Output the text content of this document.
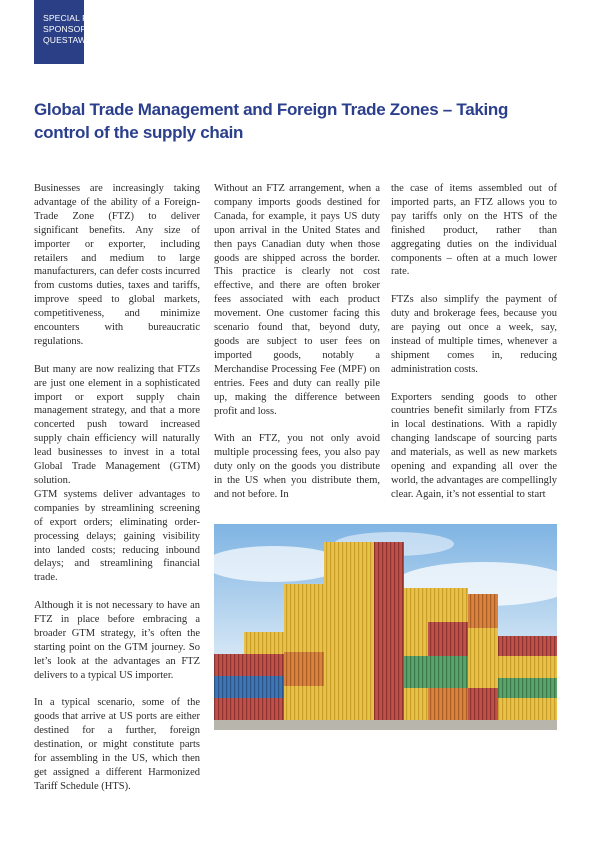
SPECIAL REPORT
SPONSORED BY
QUESTAWEB
Global Trade Management and Foreign Trade Zones – Taking control of the supply chain

Businesses are increasingly taking advantage of the ability of a Foreign-Trade Zone (FTZ) to deliver significant benefits. Any size of importer or exporter, including retailers and medium to large manufacturers, can defer costs incurred from customs duties, taxes and tariffs, improve speed to global markets, competitiveness, and minimize encounters with bureaucratic regulations.

But many are now realizing that FTZs are just one element in a sophisticated import or export supply chain management strategy, and that a more concerted push toward increased supply chain efficiency will naturally lead businesses to invest in a total Global Trade Management (GTM) solution.

GTM systems deliver advantages to companies by streamlining screening of export orders; eliminating order-processing delays; gaining visibility into landed costs; reducing inbound delays; and streamlining financial trade.

Although it is not necessary to have an FTZ in place before embracing a broader GTM strategy, it’s often the starting point on the GTM journey. So let’s look at the advantages an FTZ delivers to a typical US importer.

In a typical scenario, some of the goods that arrive at US ports are either destined for a further, foreign destination, or might constitute parts for assembling in the US, which then get assigned a different Harmonized Tariff Schedule (HTS).

Without an FTZ arrangement, when a company imports goods destined for Canada, for example, it pays US duty upon arrival in the United States and then pays Canadian duty when those goods are shipped across the border. This practice is clearly not cost effective, and there are often broker fees associated with each product movement. One customer facing this scenario found that, beyond duty, goods are subject to user fees on imported goods, notably a Merchandise Processing Fee (MPF) on entries. Fees and duty can really pile up, making the difference between profit and loss.

With an FTZ, you not only avoid multiple processing fees, you also pay duty only on the goods you distribute in the US when you distribute them, and not before. In

the case of items assembled out of imported parts, an FTZ allows you to pay tariffs only on the HTS of the finished product, rather than aggregating duties on the individual components – often at a much lower rate.

FTZs also simplify the payment of duty and brokerage fees, because you are paying out once a week, say, instead of multiple times, whenever a shipment comes in, reducing administration costs.

Exporters sending goods to other countries benefit similarly from FTZs in local destinations. With a rapidly changing landscape of sourcing parts and materials, as well as new markets opening and expanding all over the world, the advantages are compellingly clear. Again, it’s not essential to start
